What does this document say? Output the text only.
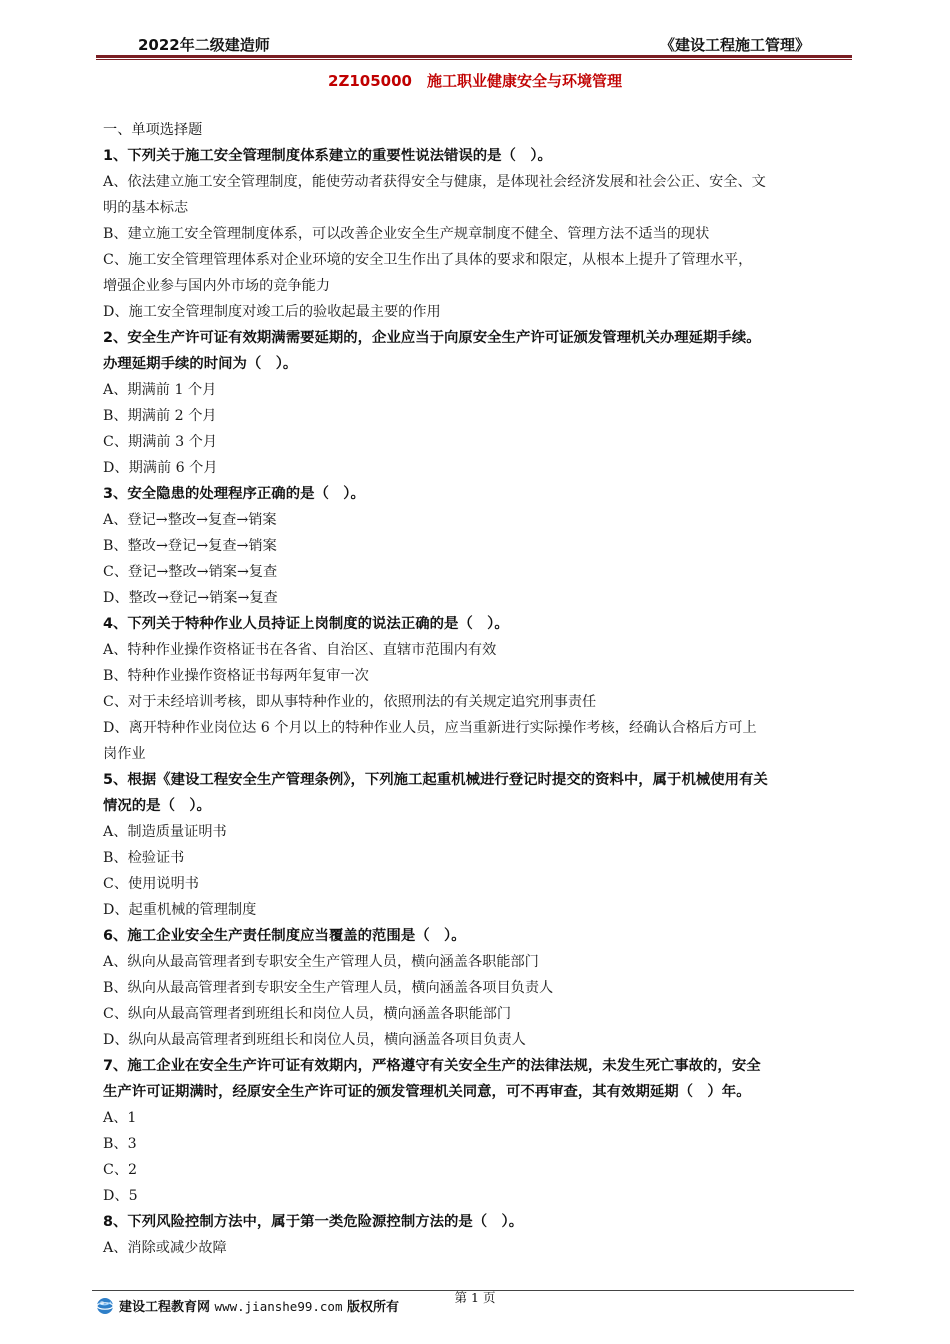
2022年二级建造师	《建设工程施工管理》
2Z105000　施工职业健康安全与环境管理
一、单项选择题
1、下列关于施工安全管理制度体系建立的重要性说法错误的是（　）。
A、依法建立施工安全管理制度，能使劳动者获得安全与健康，是体现社会经济发展和社会公正、安全、文
明的基本标志
B、建立施工安全管理制度体系，可以改善企业安全生产规章制度不健全、管理方法不适当的现状
C、施工安全管理管理体系对企业环境的安全卫生作出了具体的要求和限定，从根本上提升了管理水平，
增强企业参与国内外市场的竞争能力
D、施工安全管理制度对竣工后的验收起最主要的作用
2、安全生产许可证有效期满需要延期的，企业应当于向原安全生产许可证颁发管理机关办理延期手续。
办理延期手续的时间为（　）。
A、期满前 1 个月
B、期满前 2 个月
C、期满前 3 个月
D、期满前 6 个月
3、安全隐患的处理程序正确的是（　）。
A、登记→整改→复查→销案
B、整改→登记→复查→销案
C、登记→整改→销案→复查
D、整改→登记→销案→复查
4、下列关于特种作业人员持证上岗制度的说法正确的是（　）。
A、特种作业操作资格证书在各省、自治区、直辖市范围内有效
B、特种作业操作资格证书每两年复审一次
C、对于未经培训考核，即从事特种作业的，依照刑法的有关规定追究刑事责任
D、离开特种作业岗位达 6 个月以上的特种作业人员，应当重新进行实际操作考核，经确认合格后方可上
岗作业
5、根据《建设工程安全生产管理条例》，下列施工起重机械进行登记时提交的资料中，属于机械使用有关
情况的是（　）。
A、制造质量证明书
B、检验证书
C、使用说明书
D、起重机械的管理制度
6、施工企业安全生产责任制度应当覆盖的范围是（　）。
A、纵向从最高管理者到专职安全生产管理人员，横向涵盖各职能部门
B、纵向从最高管理者到专职安全生产管理人员，横向涵盖各项目负责人
C、纵向从最高管理者到班组长和岗位人员，横向涵盖各职能部门
D、纵向从最高管理者到班组长和岗位人员，横向涵盖各项目负责人
7、施工企业在安全生产许可证有效期内，严格遵守有关安全生产的法律法规，未发生死亡事故的，安全
生产许可证期满时，经原安全生产许可证的颁发管理机关同意，可不再审查，其有效期延期（　）年。
A、1
B、3
C、2
D、5
8、下列风险控制方法中，属于第一类危险源控制方法的是（　）。
A、消除或减少故障
建设工程教育网 www.jianshe99.com 版权所有
第 1 页
